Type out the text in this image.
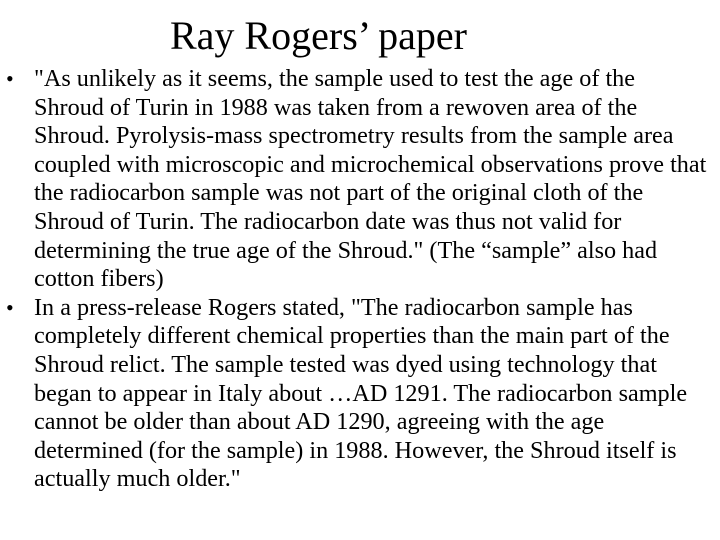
Ray Rogers’ paper
• "As unlikely as it seems, the sample used to test the age of the Shroud of Turin in 1988 was taken from a rewoven area of the Shroud. Pyrolysis-mass spectrometry results from the sample area coupled with microscopic and microchemical observations prove that the radiocarbon sample was not part of the original cloth of the Shroud of Turin. The radiocarbon date was thus not valid for determining the true age of the Shroud." (The “sample” also had cotton fibers)
• In a press-release Rogers stated, "The radiocarbon sample has completely different chemical properties than the main part of the Shroud relict. The sample tested was dyed using technology that began to appear in Italy about …AD 1291. The radiocarbon sample cannot be older than about AD 1290, agreeing with the age determined (for the sample) in 1988. However, the Shroud itself is actually much older."
